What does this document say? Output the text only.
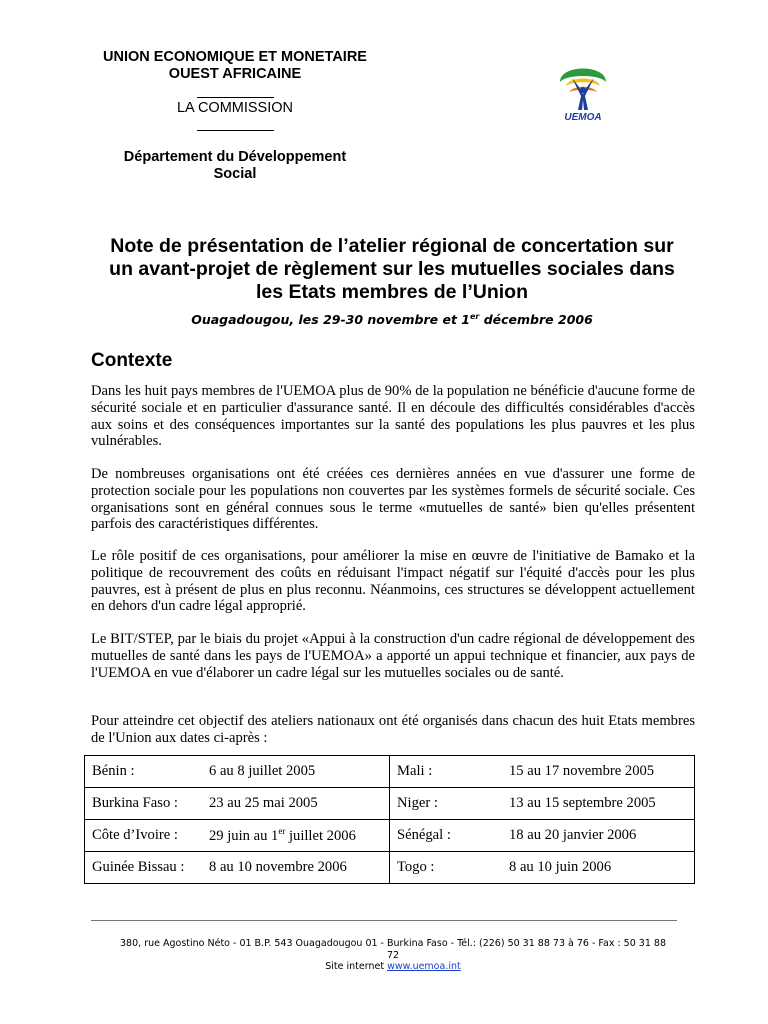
UNION ECONOMIQUE ET MONETAIRE
OUEST AFRICAINE
LA COMMISSION
Département du Développement
Social
UEMOA
Note de présentation de l’atelier régional de concertation sur
un avant-projet de règlement sur les mutuelles sociales dans
les Etats membres de l’Union
Ouagadougou, les 29-30 novembre et 1er décembre 2006
Contexte
Dans les huit pays membres de l'UEMOA plus de 90% de la population ne bénéficie d'aucune forme de sécurité sociale et en particulier d'assurance santé. Il en découle des difficultés considérables d'accès aux soins et des conséquences importantes sur la santé des populations les plus pauvres et les plus vulnérables.
De nombreuses organisations ont été créées ces dernières années en vue d'assurer une forme de protection sociale pour les populations non couvertes par les systèmes formels de sécurité sociale. Ces organisations sont en général connues sous le terme «mutuelles de santé» bien qu'elles présentent parfois des caractéristiques différentes.
Le rôle positif de ces organisations, pour améliorer la mise en œuvre de l'initiative de Bamako et la politique de recouvrement des coûts en réduisant l'impact négatif sur l'équité d'accès pour les plus pauvres, est à présent de plus en plus reconnu. Néanmoins, ces structures se développent actuellement en dehors d'un cadre légal approprié.
Le BIT/STEP, par le biais du projet «Appui à la construction d'un cadre régional de développement des mutuelles de santé dans les pays de l'UEMOA» a apporté un appui technique et financier, aux pays de l'UEMOA en vue d'élaborer un cadre légal sur les mutuelles sociales ou de santé.
Pour atteindre cet objectif des ateliers nationaux ont été organisés dans chacun des huit Etats membres de l'Union aux dates ci-après :
Bénin :	6 au 8 juillet 2005	Mali :	15 au 17 novembre 2005
Burkina Faso :	23 au 25 mai 2005	Niger :	13 au 15 septembre 2005
Côte d’Ivoire :	29 juin au 1er juillet 2006	Sénégal :	18 au 20 janvier 2006
Guinée Bissau :	8 au 10 novembre 2006	Togo :	8 au 10 juin 2006
380, rue Agostino Néto - 01 B.P. 543 Ouagadougou 01 - Burkina Faso - Tél.: (226) 50 31 88 73 à 76 - Fax : 50 31 88
72
Site internet www.uemoa.int
